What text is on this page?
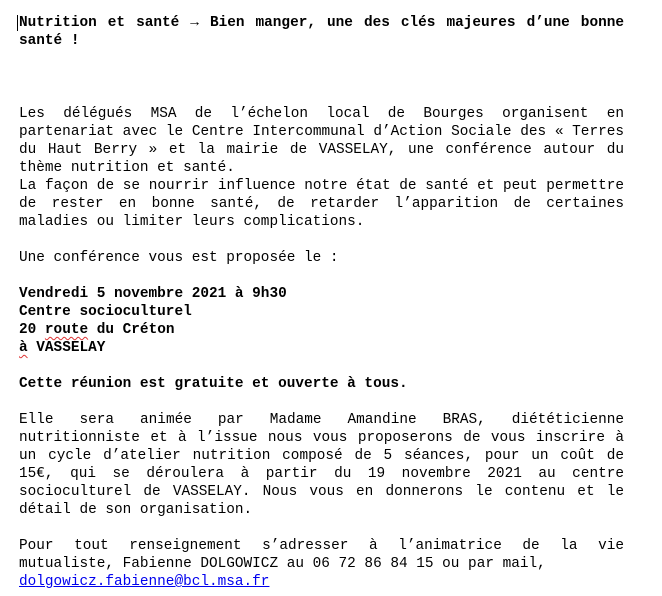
Nutrition et santé → Bien manger, une des clés majeures d’une bonne santé !

Les délégués MSA de l’échelon local de Bourges organisent en partenariat avec le Centre Intercommunal d’Action Sociale des « Terres du Haut Berry » et la mairie de VASSELAY, une conférence autour du thème nutrition et santé.

La façon de se nourrir influence notre état de santé et peut permettre de rester en bonne santé, de retarder l’apparition de certaines maladies ou limiter leurs complications.

Une conférence vous est proposée le :

Vendredi 5 novembre 2021 à 9h30

Centre socioculturel

20 route du Créton

à VASSELAY

Cette réunion est gratuite et ouverte à tous.

Elle sera animée par Madame Amandine BRAS, diététicienne nutritionniste et à l’issue nous vous proposerons de vous inscrire à un cycle d’atelier nutrition composé de 5 séances, pour un coût de 15€, qui se déroulera à partir du 19 novembre 2021 au centre socioculturel de VASSELAY. Nous vous en donnerons le contenu et le détail de son organisation.

Pour tout renseignement s’adresser à l’animatrice de la vie mutualiste, Fabienne DOLGOWICZ au 06 72 86 84 15 ou par mail,

dolgowicz.fabienne@bcl.msa.fr
